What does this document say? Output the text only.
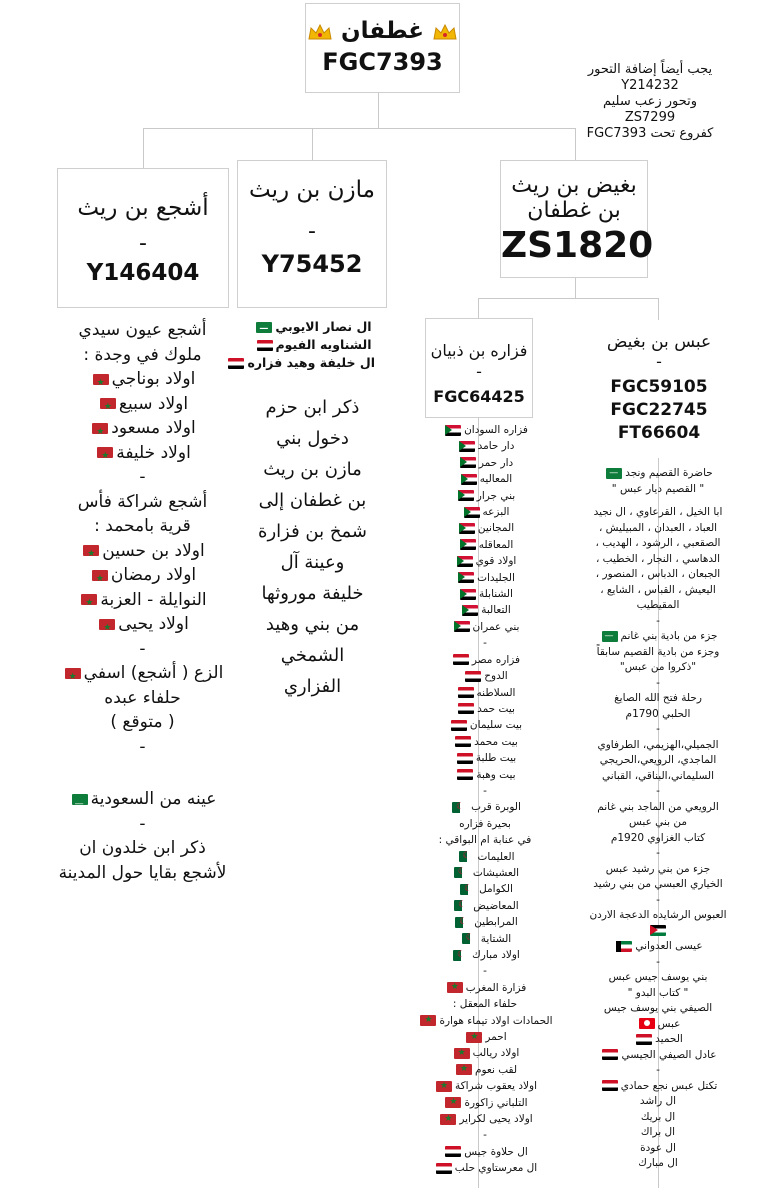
غطفان
FGC7393	يجب أيضاً إضافة التحور
Y214232
وتحور زعب سليم
ZS7299
كفروع تحت FGC7393
بغيض بن ريث
بن غطفان
ZS1820
مازن بن ريث
-
Y75452
أشجع بن ريث
-
Y146404
فزاره بن ذبيان
-
FGC64425
عبس بن بغيض
-
FGC59105
FGC22745
FT66604
أشجع عيون سيدي
ملوك في وجدة :
اولاد بوناجي★
اولاد سبيع★
اولاد مسعود★
اولاد خليفة★
-
أشجع شراكة فأس
قرية بامحمد :
اولاد بن حسين★
اولاد رمضان★
النوايلة - العزبة★
اولاد يحيى★
-
الزع ( أشجع) اسفي★
حلفاء عبده
( متوقع )
-
عينه من السعودية—
-
ذكر ابن خلدون ان
لأشجع بقايا حول المدينة
ال نصار الايوبي—
الشناويه الفيوم
ال خليفة وهيد فزاره
ذكر ابن حزم
دخول بني
مازن بن ريث
بن غطفان إلى
شمخ بن فزارة
وعينة آل
خليفة موروثها
من بني وهيد
الشمخي
الفزاري
فزاره السودان
دار حامد
دار حمر
المعاليه
بني جرار
البزعه
المجانين
المعاقله
اولاد قوي
الجليدات
الشنابلة
التعالبة
بني عمران
-
فزاره مصر
الدوح
السلاطنه
بيت حمد
بيت سليمان
بيت محمد
بيت طلبة
بيت وهبة
-
الوبرة قرب☾
بحيرة فزاره
في عنابة ام البواقي :
العليمات☾
العشيشات☾
الكوامل☾
المعاضيض☾
المرابطين☾
الشتاية☾
اولاد مبارك☾
-
فزارة المغرب★
حلفاء المعقل :
الحمادات اولاد تيماء هوارة★
احمر★
اولاد ريالب★
لقب نعوم★
اولاد يعقوب شراكة★
التلباني زاكورة★
اولاد يحيى لكراير★
-
ال حلاوة جيس
ال معرستاوي حلب
حاضرة القصيم ونجد—
" القصيم ديار عبس "
ابا الخيل ، القرعاوي ، ال نجيد
العباد ، العبدان ، المبيليش ،
الصقعبي ، الرشود ، الهديب ،
الدهاسي ، النجار ، الخطيب ،
الجبعان ، الدباس ، المنصور ،
اليعيش ، القباس ، الشايع ،
المقيطيب
-
جزء من بادية بني غانم—
وجزء من بادية القصيم سابقاً
"ذكروا من عبس"
-
رحلة فتح الله الصايغ
الحلبي 1790م
-
الجميلي،الهزيمي، الطرفاوي
الماجدي، الرويعي،الحريجي
السليماني،البناقي، القباني
-
الرويعي من الماجد بني غانم
من بني عبس
كتاب الغزاوي 1920م
-
جزء من بني رشيد عبس
الخياري العبسي من بني رشيد
-
العبوس الرشايده الدعجة الاردن
عيسى العدواني
-
بني يوسف جيس عبس
" كتاب البدو "
الصيفي بني يوسف جيس
عبس
الحميد
عادل الصيفي الجيسي
-
تكتل عبس نجع حمادي
ال راشد
ال بريك
ال براك
ال عودة
ال مبارك
